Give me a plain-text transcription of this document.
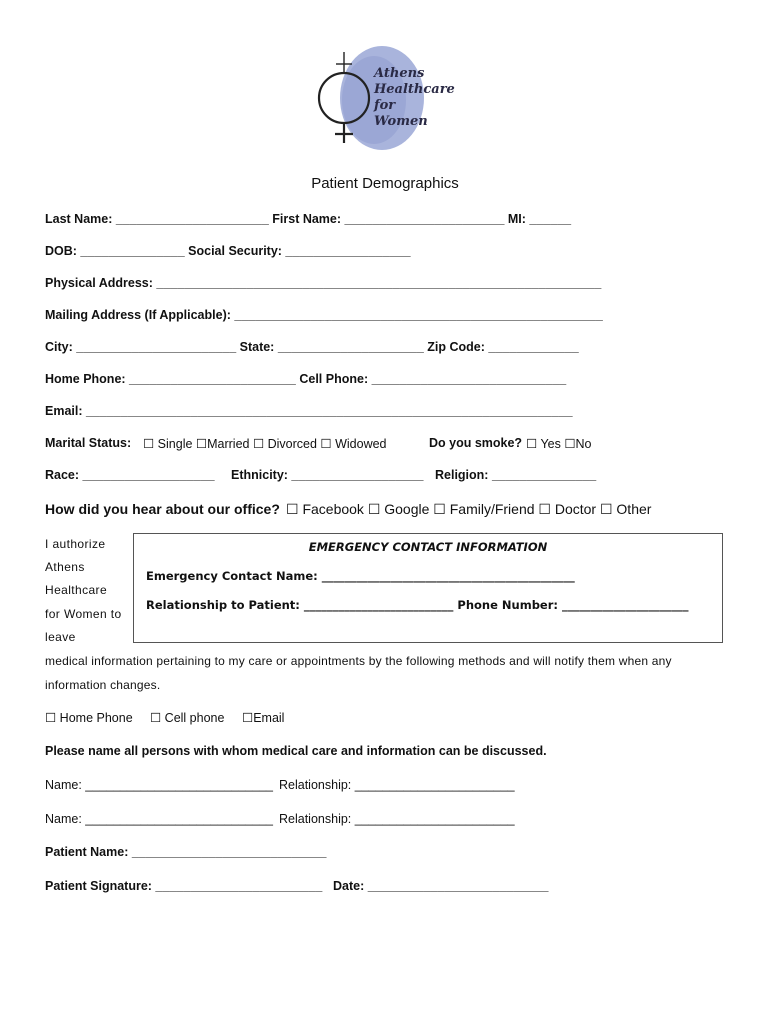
Athens
Healthcare
for
Women
Patient Demographics
Last Name: ______________________ First Name: _______________________ MI: ______
DOB: _______________ Social Security: __________________
Physical Address: ________________________________________________________________
Mailing Address (If Applicable): _____________________________________________________
City: _______________________ State: _____________________ Zip Code: _____________
Home Phone: ________________________ Cell Phone: ____________________________
Email: ______________________________________________________________________
Marital Status: ☐ Single ☐Married ☐ Divorced ☐ Widowed	Do you smoke? ☐ Yes ☐No
Race: ___________________ Ethnicity: ___________________ Religion: _______________
How did you hear about our office? ☐ Facebook ☐ Google ☐ Family/Friend ☐ Doctor ☐ Other
I authorize
Athens
Healthcare
for Women to
leave
EMERGENCY CONTACT INFORMATION
Emergency Contact Name: ____________________________________________
Relationship to Patient: __________________________ Phone Number: ______________________
medical information pertaining to my care or appointments by the following methods and will notify them when any
information changes.
☐ Home Phone ☐ Cell phone ☐Email
Please name all persons with whom medical care and information can be discussed.
Name: ___________________________ Relationship: _______________________
Name: ___________________________ Relationship: _______________________
Patient Name: ____________________________
Patient Signature: ________________________ Date: __________________________
